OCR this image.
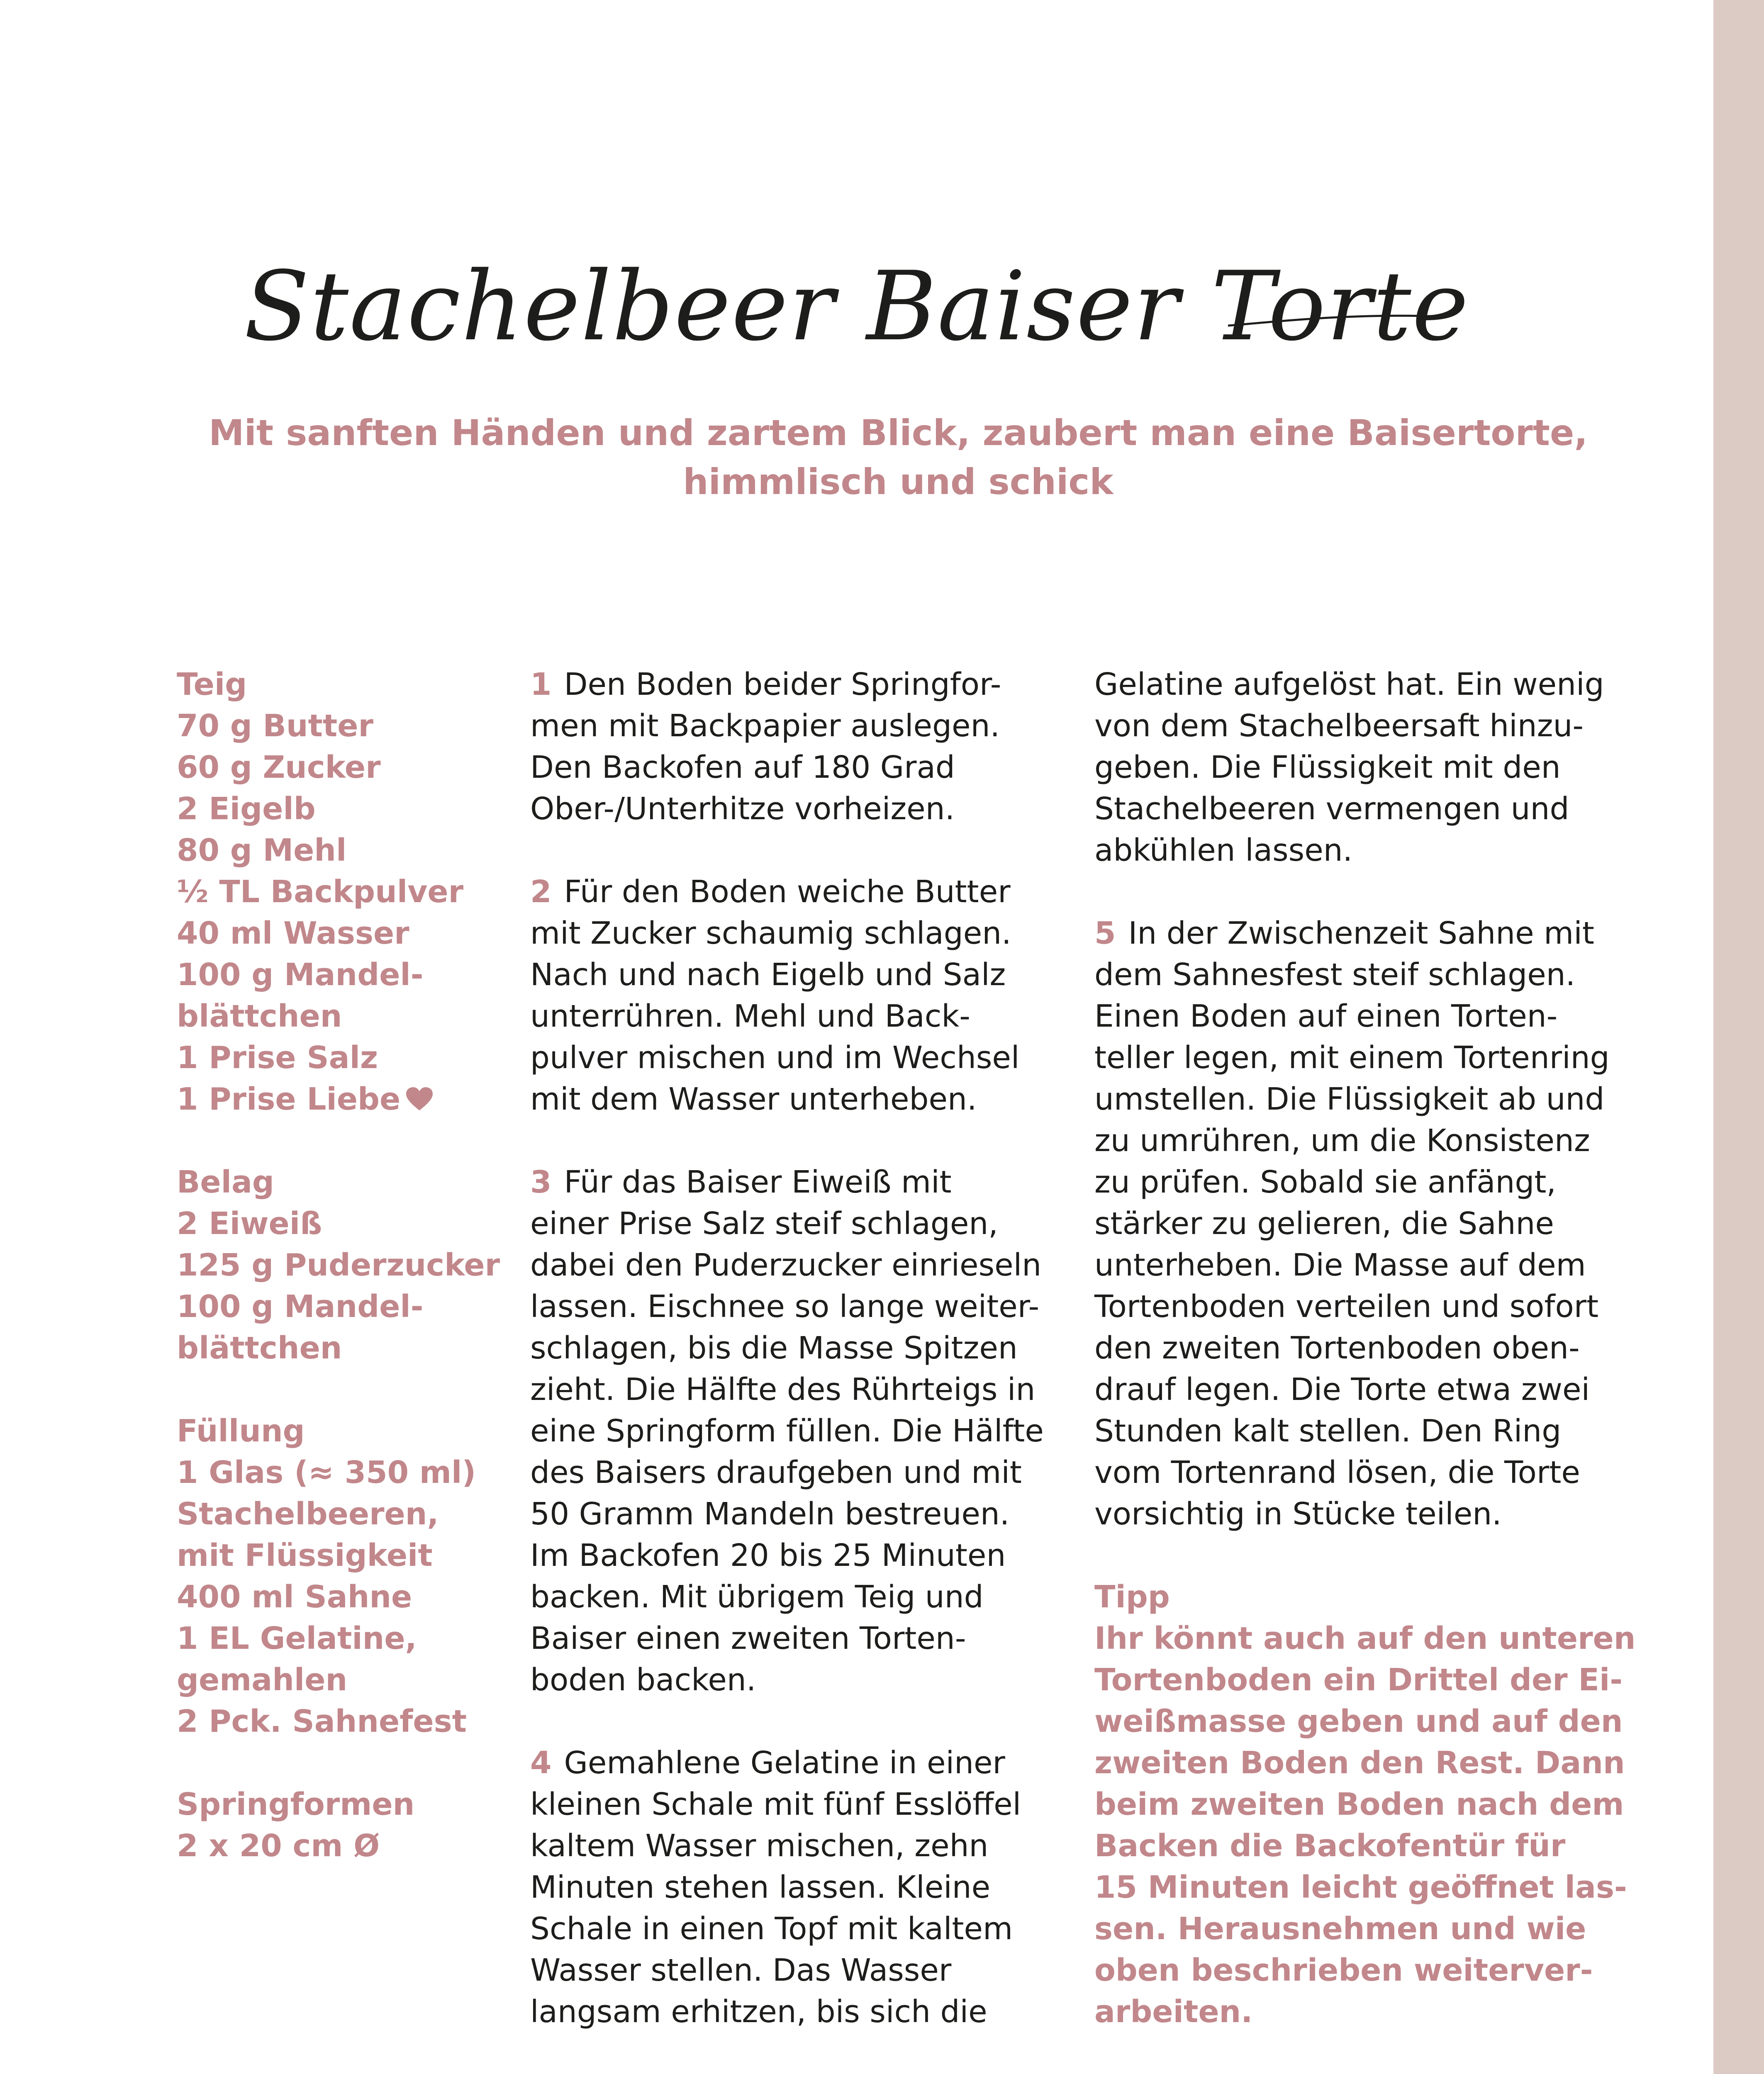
Stachelbeer Baiser Torte
Mit sanften Händen und zartem Blick, zaubert man eine Baisertorte,
himmlisch und schick
Teig
70 g Butter
60 g Zucker
2 Eigelb
80 g Mehl
½ TL Backpulver
40 ml Wasser
100 g Mandel-
blättchen
1 Prise Salz
1 Prise Liebe
Belag
2 Eiweiß
125 g Puderzucker
100 g Mandel-
blättchen
Füllung
1 Glas (≈ 350 ml)
Stachelbeeren,
mit Flüssigkeit
400 ml Sahne
1 EL Gelatine,
gemahlen
2 Pck. Sahnefest
Springformen
2 x 20 cm Ø
1 Den Boden beider Springfor-
men mit Backpapier auslegen.
Den Backofen auf 180 Grad
Ober-/Unterhitze vorheizen.
2 Für den Boden weiche Butter
mit Zucker schaumig schlagen.
Nach und nach Eigelb und Salz
unterrühren. Mehl und Back-
pulver mischen und im Wechsel
mit dem Wasser unterheben.
3 Für das Baiser Eiweiß mit
einer Prise Salz steif schlagen,
dabei den Puderzucker einrieseln
lassen. Eischnee so lange weiter-
schlagen, bis die Masse Spitzen
zieht. Die Hälfte des Rührteigs in
eine Springform füllen. Die Hälfte
des Baisers draufgeben und mit
50 Gramm Mandeln bestreuen.
Im Backofen 20 bis 25 Minuten
backen. Mit übrigem Teig und
Baiser einen zweiten Torten-
boden backen.
4 Gemahlene Gelatine in einer
kleinen Schale mit fünf Esslöffel
kaltem Wasser mischen, zehn
Minuten stehen lassen. Kleine
Schale in einen Topf mit kaltem
Wasser stellen. Das Wasser
langsam erhitzen, bis sich die
Gelatine aufgelöst hat. Ein wenig
von dem Stachelbeersaft hinzu-
geben. Die Flüssigkeit mit den
Stachelbeeren vermengen und
abkühlen lassen.
5 In der Zwischenzeit Sahne mit
dem Sahnesfest steif schlagen.
Einen Boden auf einen Torten-
teller legen, mit einem Tortenring
umstellen. Die Flüssigkeit ab und
zu umrühren, um die Konsistenz
zu prüfen. Sobald sie anfängt,
stärker zu gelieren, die Sahne
unterheben. Die Masse auf dem
Tortenboden verteilen und sofort
den zweiten Tortenboden oben-
drauf legen. Die Torte etwa zwei
Stunden kalt stellen. Den Ring
vom Tortenrand lösen, die Torte
vorsichtig in Stücke teilen.
Tipp
Ihr könnt auch auf den unteren
Tortenboden ein Drittel der Ei-
weißmasse geben und auf den
zweiten Boden den Rest. Dann
beim zweiten Boden nach dem
Backen die Backofentür für
15 Minuten leicht geöffnet las-
sen. Herausnehmen und wie
oben beschrieben weiterver-
arbeiten.
